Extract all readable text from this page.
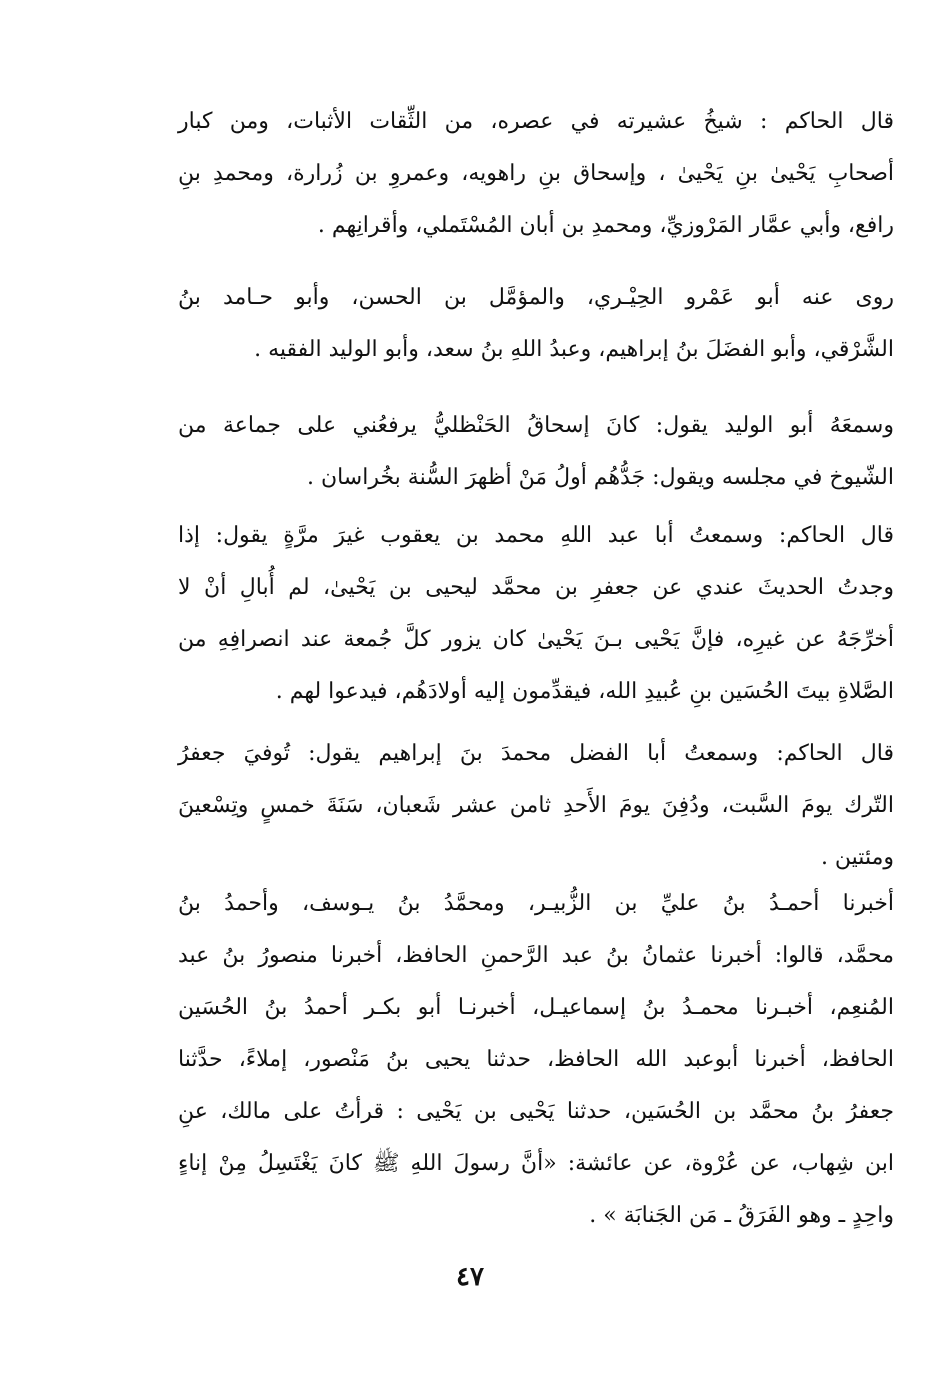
قال الحاكم : شيخُ عشيرته في عصره، من الثِّقات الأثبات، ومن كبار
أصحابِ يَحْيىٰ بنِ يَحْيىٰ ، وإسحاق بنِ راهويه، وعمروِ بن زُرارة، ومحمدِ بنِ
رافع، وأبي عمَّار المَرْوزيِّ، ومحمدِ بن أبان المُسْتَملي، وأقرانِهم .
روى عنه أبو عَمْرو الحِيْـري، والمؤمَّل بن الحسن، وأبو حـامد بنُ
الشَّرْقي، وأبو الفضَلَ بنُ إبراهيم، وعبدُ اللهِ بنُ سعد، وأبو الوليد الفقيه .
وسمعَهُ أبو الوليد يقول: كانَ إسحاقُ الحَنْظليُّ يرفعُني على جماعة من
الشّيوخ في مجلسه ويقول: جَدُّهُم أولُ مَنْ أظهرَ السُّنة بخُراسان .
قال الحاكم: وسمعتُ أبا عبد اللهِ محمد بن يعقوب غيرَ مرَّةٍ يقول: إذا
وجدتُ الحديثَ عندي عن جعفرِ بن محمَّد ليحيى بن يَحْيىٰ، لم أُبالِ أنْ لا
أخرِّجَهُ عن غيرِه، فإنَّ يَحْيى بـنَ يَحْيىٰ كان يزور كلَّ جُمعة عند انصرافِهِ من
الصَّلاةِ بيتَ الحُسَين بنِ عُبيدِ الله، فيقدِّمون إليه أولادَهُم، فيدعوا لهم .
قال الحاكم: وسمعتُ أبا الفضل محمدَ بنَ إبراهيم يقول: تُوفيَ جعفرُ
التّرك يومَ السَّبت، ودُفِنَ يومَ الأَحدِ ثامن عشر شَعبان، سَنَةَ خمسٍ وتِسْعينَ
ومئتين .
أخبرنا أحمـدُ بنُ عليِّ بن الزُّبيـر، ومحمَّدُ بنُ يـوسف، وأحمدُ بنُ
محمَّد، قالوا: أخبرنا عثمانُ بنُ عبد الرَّحمنِ الحافظ، أخبرنا منصورُ بنُ عبد
المُنعِم، أخبـرنا محمـدُ بنُ إسماعيـل، أخبرنـا أبو بكـر أحمدُ بنُ الحُسَين
الحافظ، أخبرنا أبوعبد الله الحافظ، حدثنا يحيى بنُ مَنْصور، إملاءً، حدَّثنا
جعفرُ بنُ محمَّد بن الحُسَين، حدثنا يَحْيى بن يَحْيى : قرأتُ على مالك، عنِ
ابن شِهاب، عن عُرْوة، عن عائشة: «أنَّ رسولَ اللهِ ﷺ كانَ يَغْتَسِلُ مِنْ إناءٍ
واحِدٍ ـ وهو الفَرَقُ ـ مَن الجَنابَة » .
٤٧
